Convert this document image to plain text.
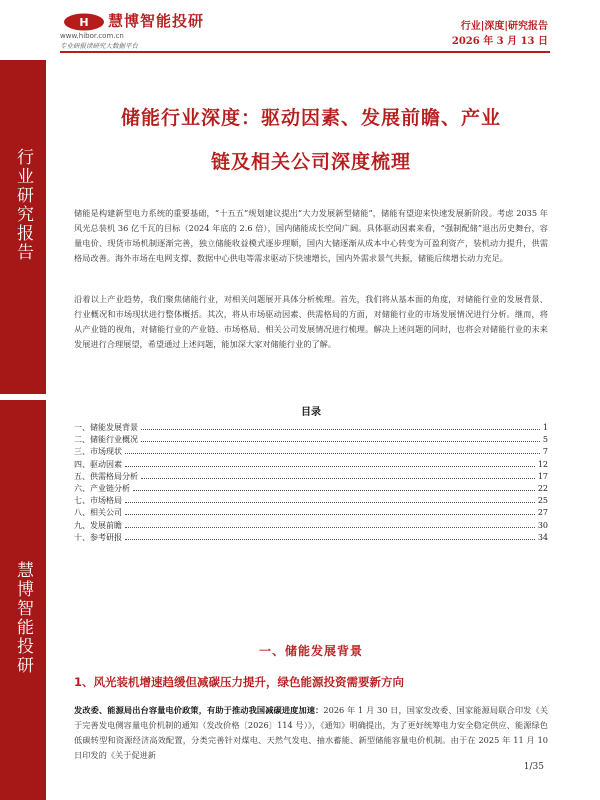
H 慧博智能投研
www.hibor.com.cn
专业研报读研究大数据平台
行业|深度|研究报告
2026 年 3 月 13 日
行业研究报告
慧博智能投研
储能行业深度：驱动因素、发展前瞻、产业
链及相关公司深度梳理

储能是构建新型电力系统的重要基础，“十五五”规划建议提出“大力发展新型储能”，储能有望迎来快速发展新阶段。考虑 2035 年风光总装机 36 亿千瓦的目标（2024 年底的 2.6 倍），国内储能成长空间广阔。具体驱动因素来看，“强制配储”退出历史舞台，容量电价、现货市场机制逐渐完善，独立储能收益模式逐步理顺，国内大储逐渐从成本中心转变为可盈利资产，装机动力提升，供需格局改善。海外市场在电网支撑、数据中心供电等需求驱动下快速增长，国内外需求景气共振，储能后续增长动力充足。

沿着以上产业趋势，我们聚焦储能行业，对相关问题展开具体分析梳理。首先，我们将从基本面的角度，对储能行业的发展背景、行业概况和市场现状进行整体概括。其次，将从市场驱动因素、供需格局的方面，对储能行业的市场发展情况进行分析。继而，将从产业链的视角，对储能行业的产业链、市场格局、相关公司发展情况进行梳理。解决上述问题的同时，也将会对储能行业的未来发展进行合理展望，希望通过上述问题，能加深大家对储能行业的了解。

目录
一、储能发展背景	1
二、储能行业概况	5
三、市场现状	7
四、驱动因素	12
五、供需格局分析	17
六、产业链分析	22
七、市场格局	25
八、相关公司	27
九、发展前瞻	30
十、参考研报	34
一、储能发展背景
1、风光装机增速趋缓但减碳压力提升，绿色能源投资需要新方向

发改委、能源局出台容量电价政策，有助于推动我国减碳进度加速：2026 年 1 月 30 日，国家发改委、国家能源局联合印发《关于完善发电侧容量电价机制的通知（发改价格〔2026〕114 号）》，《通知》明确提出，为了更好统筹电力安全稳定供应、能源绿色低碳转型和资源经济高效配置，分类完善针对煤电、天然气发电、抽水蓄能、新型储能容量电价机制。由于在 2025 年 11 月 10 日印发的《关于促进新

1/35
